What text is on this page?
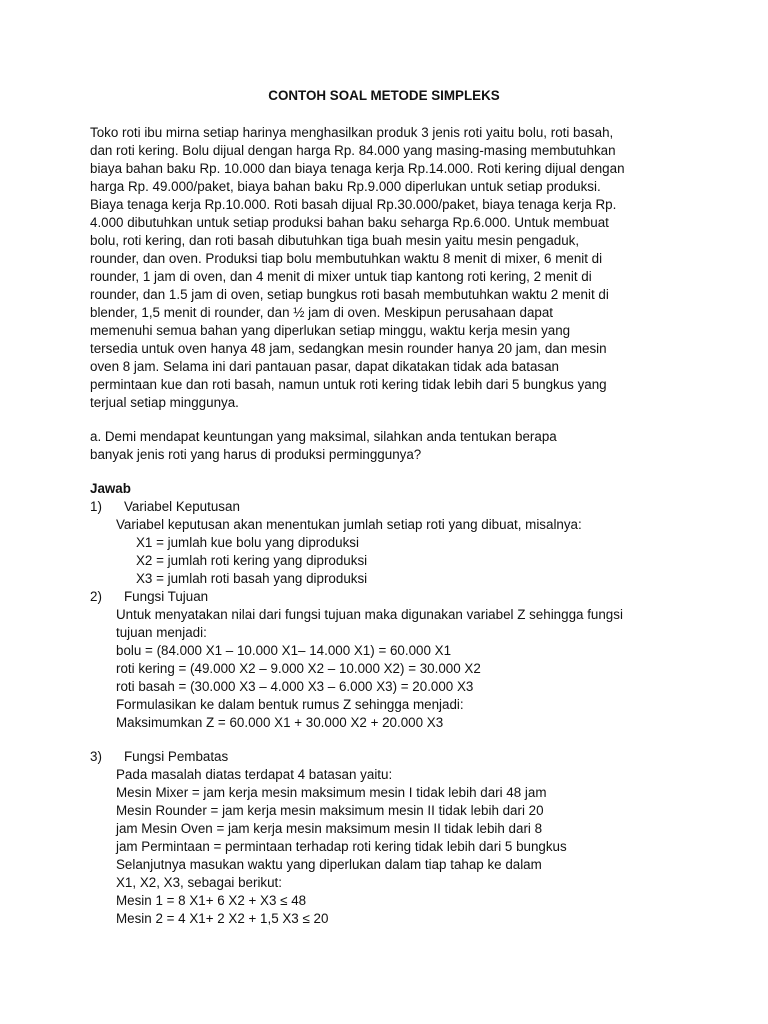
CONTOH SOAL METODE SIMPLEKS
Toko roti ibu mirna setiap harinya menghasilkan produk 3 jenis roti yaitu bolu, roti basah,
dan roti kering. Bolu dijual dengan harga Rp. 84.000 yang masing-masing membutuhkan
biaya bahan baku Rp. 10.000 dan biaya tenaga kerja Rp.14.000. Roti kering dijual dengan
harga Rp. 49.000/paket, biaya bahan baku Rp.9.000 diperlukan untuk setiap produksi.
Biaya tenaga kerja Rp.10.000. Roti basah dijual Rp.30.000/paket, biaya tenaga kerja Rp.
4.000 dibutuhkan untuk setiap produksi bahan baku seharga Rp.6.000. Untuk membuat
bolu, roti kering, dan roti basah dibutuhkan tiga buah mesin yaitu mesin pengaduk,
rounder, dan oven. Produksi tiap bolu membutuhkan waktu 8 menit di mixer, 6 menit di
rounder, 1 jam di oven, dan 4 menit di mixer untuk tiap kantong roti kering, 2 menit di
rounder, dan 1.5 jam di oven, setiap bungkus roti basah membutuhkan waktu 2 menit di
blender, 1,5 menit di rounder, dan ½ jam di oven. Meskipun perusahaan dapat
memenuhi semua bahan yang diperlukan setiap minggu, waktu kerja mesin yang
tersedia untuk oven hanya 48 jam, sedangkan mesin rounder hanya 20 jam, dan mesin
oven 8 jam. Selama ini dari pantauan pasar, dapat dikatakan tidak ada batasan
permintaan kue dan roti basah, namun untuk roti kering tidak lebih dari 5 bungkus yang
terjual setiap minggunya.
a. Demi mendapat keuntungan yang maksimal, silahkan anda tentukan berapa
banyak jenis roti yang harus di produksi perminggunya?
Jawab
1) Variabel Keputusan
Variabel keputusan akan menentukan jumlah setiap roti yang dibuat, misalnya:
X1 = jumlah kue bolu yang diproduksi
X2 = jumlah roti kering yang diproduksi
X3 = jumlah roti basah yang diproduksi
2) Fungsi Tujuan
Untuk menyatakan nilai dari fungsi tujuan maka digunakan variabel Z sehingga fungsi
tujuan menjadi:
bolu = (84.000 X1 – 10.000 X1– 14.000 X1) = 60.000 X1
roti kering = (49.000 X2 – 9.000 X2 – 10.000 X2) = 30.000 X2
roti basah = (30.000 X3 – 4.000 X3 – 6.000 X3) = 20.000 X3
Formulasikan ke dalam bentuk rumus Z sehingga menjadi:
Maksimumkan Z = 60.000 X1 + 30.000 X2 + 20.000 X3
3) Fungsi Pembatas
Pada masalah diatas terdapat 4 batasan yaitu:
Mesin Mixer = jam kerja mesin maksimum mesin I tidak lebih dari 48 jam
Mesin Rounder = jam kerja mesin maksimum mesin II tidak lebih dari 20
jam Mesin Oven = jam kerja mesin maksimum mesin II tidak lebih dari 8
jam Permintaan = permintaan terhadap roti kering tidak lebih dari 5 bungkus
Selanjutnya masukan waktu yang diperlukan dalam tiap tahap ke dalam
X1, X2, X3, sebagai berikut:
Mesin 1 = 8 X1+ 6 X2 + X3 ≤ 48
Mesin 2 = 4 X1+ 2 X2 + 1,5 X3 ≤ 20
